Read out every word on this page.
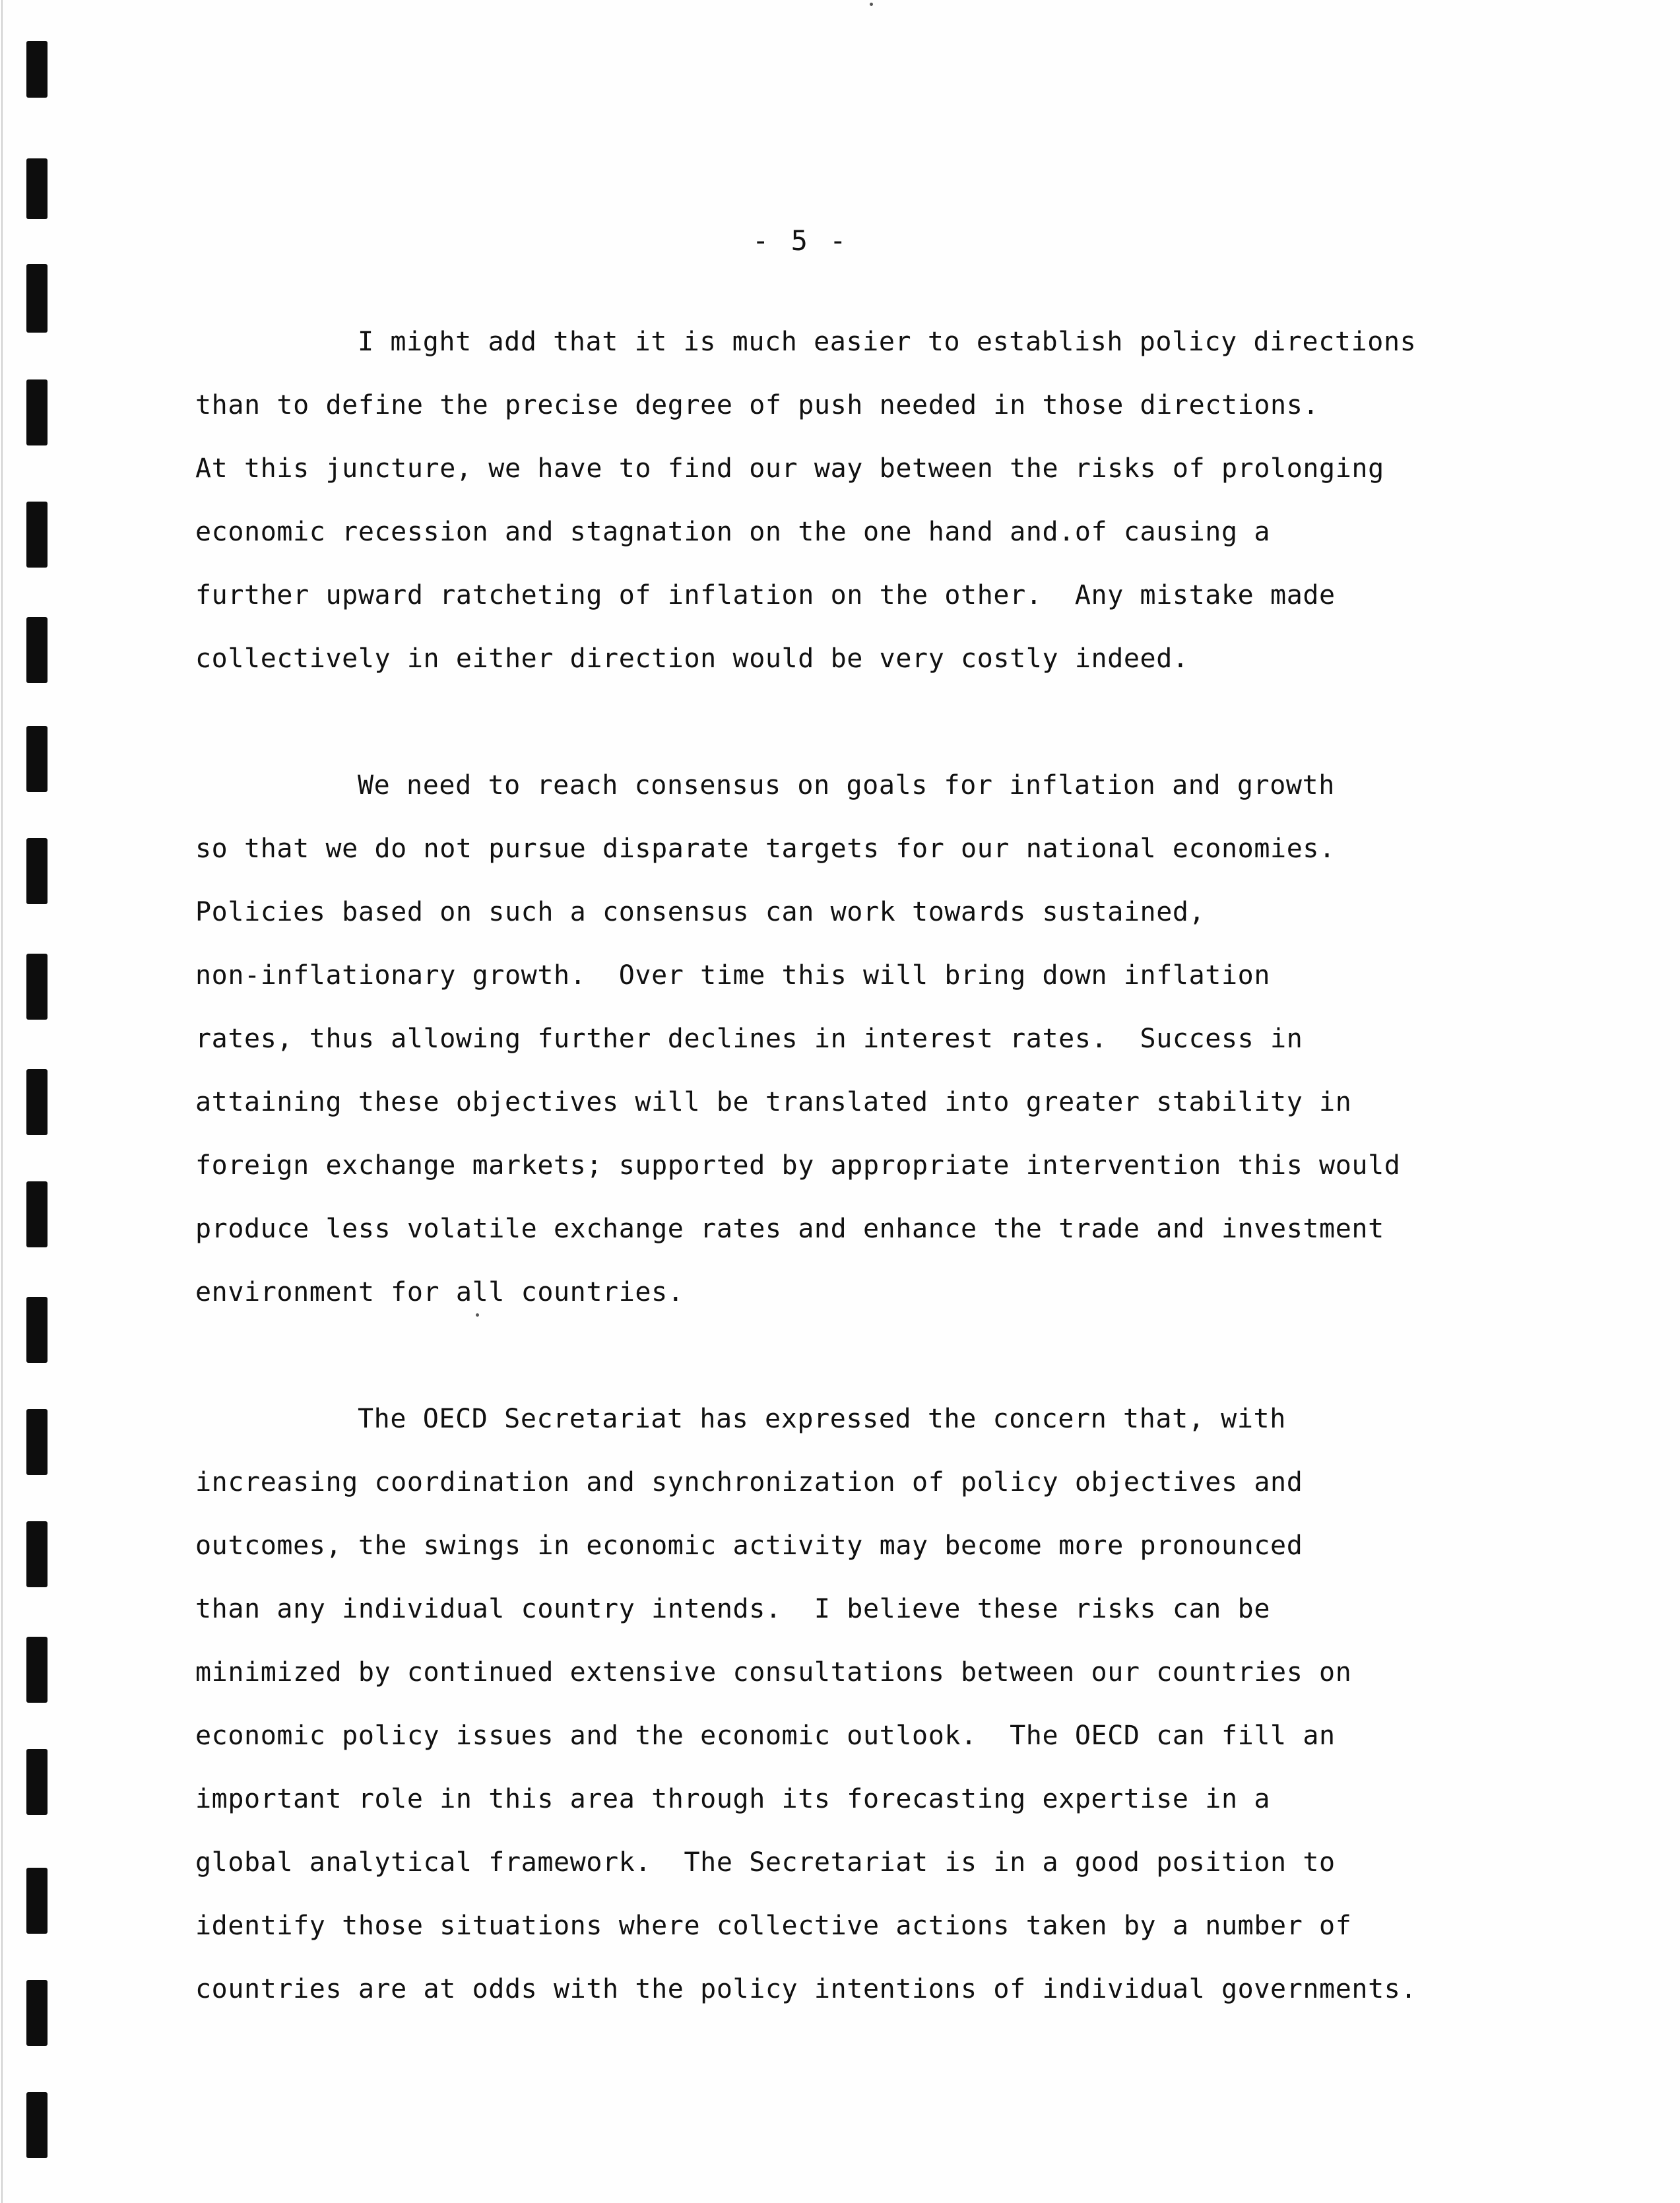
- 5 -
I might add that it is much easier to establish policy directions
than to define the precise degree of push needed in those directions.
At this juncture, we have to find our way between the risks of prolonging
economic recession and stagnation on the one hand and.of causing a
further upward ratcheting of inflation on the other.  Any mistake made
collectively in either direction would be very costly indeed.
We need to reach consensus on goals for inflation and growth
so that we do not pursue disparate targets for our national economies.
Policies based on such a consensus can work towards sustained,
non-inflationary growth.  Over time this will bring down inflation
rates, thus allowing further declines in interest rates.  Success in
attaining these objectives will be translated into greater stability in
foreign exchange markets; supported by appropriate intervention this would
produce less volatile exchange rates and enhance the trade and investment
environment for all countries.
The OECD Secretariat has expressed the concern that, with
increasing coordination and synchronization of policy objectives and
outcomes, the swings in economic activity may become more pronounced
than any individual country intends.  I believe these risks can be
minimized by continued extensive consultations between our countries on
economic policy issues and the economic outlook.  The OECD can fill an
important role in this area through its forecasting expertise in a
global analytical framework.  The Secretariat is in a good position to
identify those situations where collective actions taken by a number of
countries are at odds with the policy intentions of individual governments.
